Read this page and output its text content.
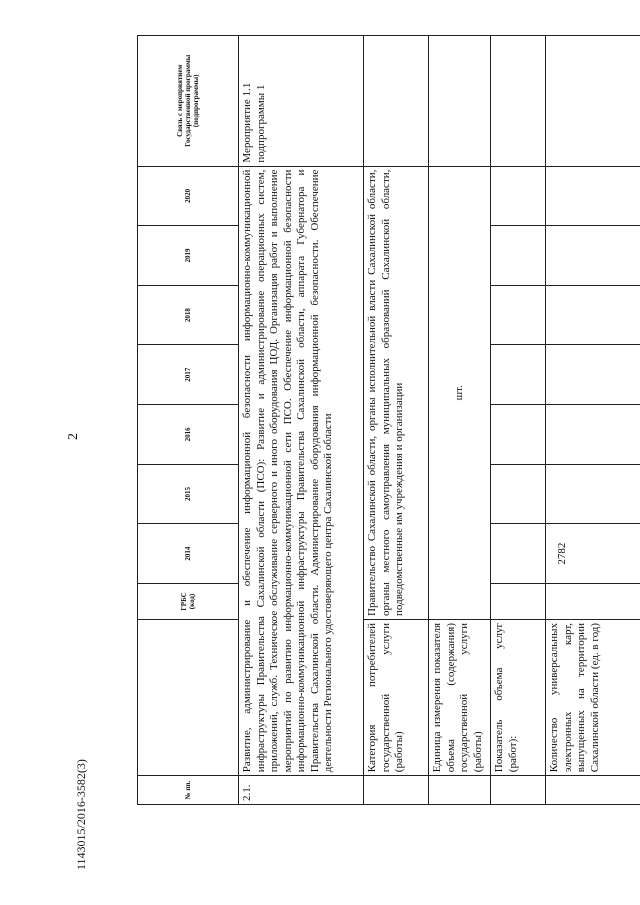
2
1143015/2016-3582(3)	№ пп.		ГРБС (код)	2014	2015	2016	2017	2018	2019	2020	Связь с мероприятием Государственной программы (подпрограммы)
2.1.	Развитие, администрирование и обеспечение информационной безопасности информационно-коммуникационной инфраструктуры Правительства Сахалинской области (ПСО): Развитие и администрирование операционных систем, приложений, служб. Техническое обслуживание серверного и иного оборудования ЦОД. Организация работ и выполнение мероприятий по развитию информационно-коммуникационной сети ПСО. Обеспечение информационной безопасности информационно-коммуникационной инфраструктуры Правительства Сахалинской области, аппарата Губернатора и Правительства Сахалинской области. Администрирование оборудования информационной безопасности. Обеспечение деятельности Регионального удостоверяющего центра Сахалинской области									Мероприятие 1.1 подпрограммы 1
	Категория потребителей государственной услуги (работы)	Правительство Сахалинской области, органы исполнительной власти Сахалинской области, органы местного самоуправления муниципальных образований Сахалинской области, подведомственные им учреждения и организации								
	Единица измерения показателя объема (содержания) государственной услуги (работы)	шт.								
	Показатель объема услуг (работ):									
	Количество универсальных электронных карт, выпущенных на территории Сахалинской области (ед. в год)		2782							
